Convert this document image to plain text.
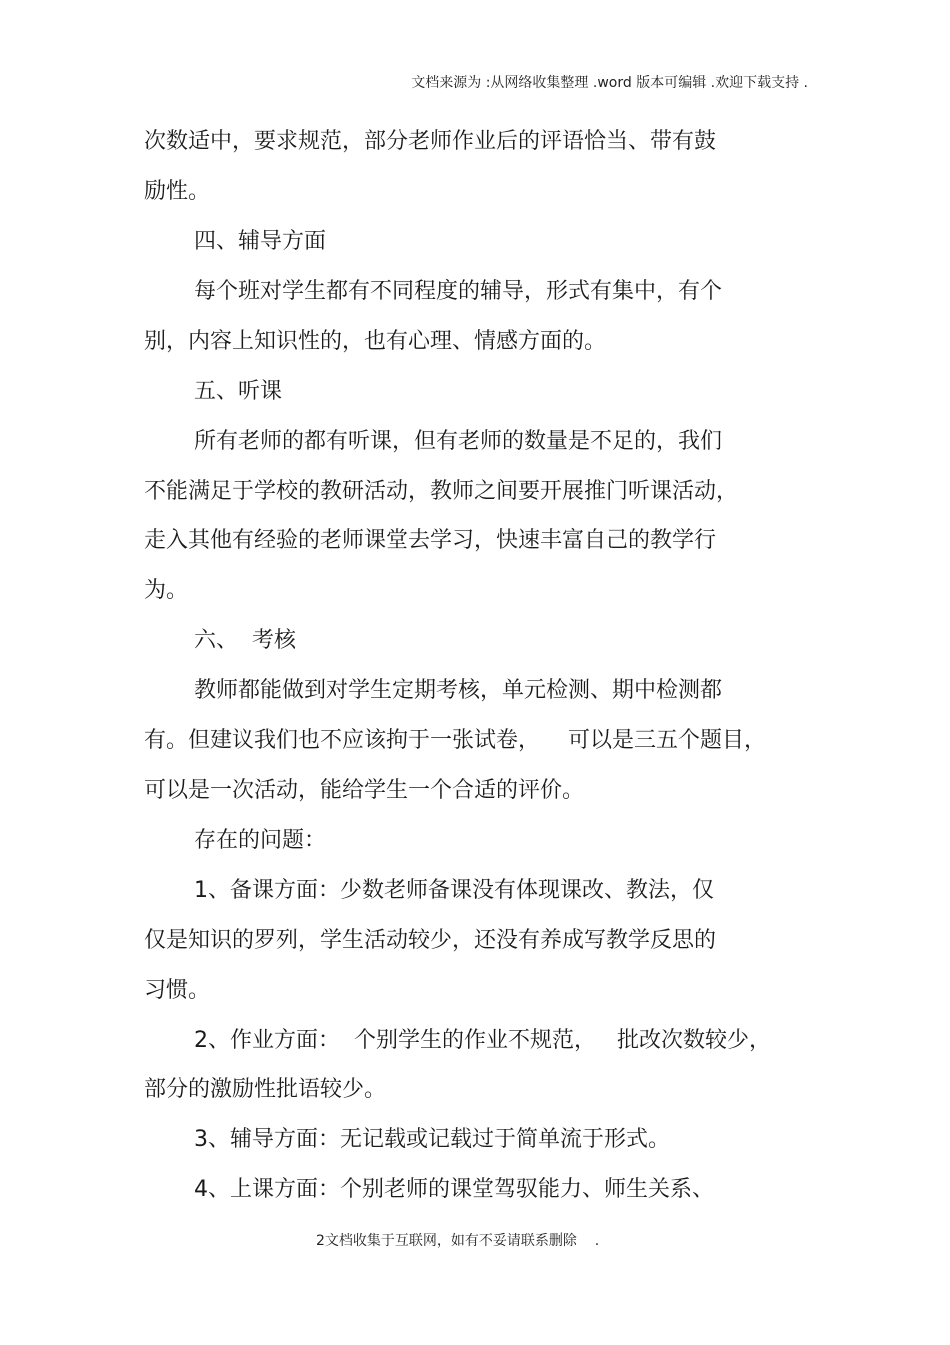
文档来源为 :从网络收集整理 .word 版本可编辑 .欢迎下载支持 .
次数适中，要求规范，部分老师作业后的评语恰当、带有鼓
励性。
四、辅导方面
每个班对学生都有不同程度的辅导，形式有集中，有个
别，内容上知识性的，也有心理、情感方面的。
五、听课
所有老师的都有听课，但有老师的数量是不足的，我们
不能满足于学校的教研活动，教师之间要开展推门听课活动，
走入其他有经验的老师课堂去学习，快速丰富自己的教学行
为。
六、  考核
教师都能做到对学生定期考核，单元检测、期中检测都
有。但建议我们也不应该拘于一张试卷，    可以是三五个题目，
可以是一次活动，能给学生一个合适的评价。
存在的问题：
1、备课方面：少数老师备课没有体现课改、教法，仅
仅是知识的罗列，学生活动较少，还没有养成写教学反思的
习惯。
2、作业方面：  个别学生的作业不规范，   批改次数较少，
部分的激励性批语较少。
3、辅导方面：无记载或记载过于简单流于形式。
4、上课方面：个别老师的课堂驾驭能力、师生关系、
2文档收集于互联网，如有不妥请联系删除    .
